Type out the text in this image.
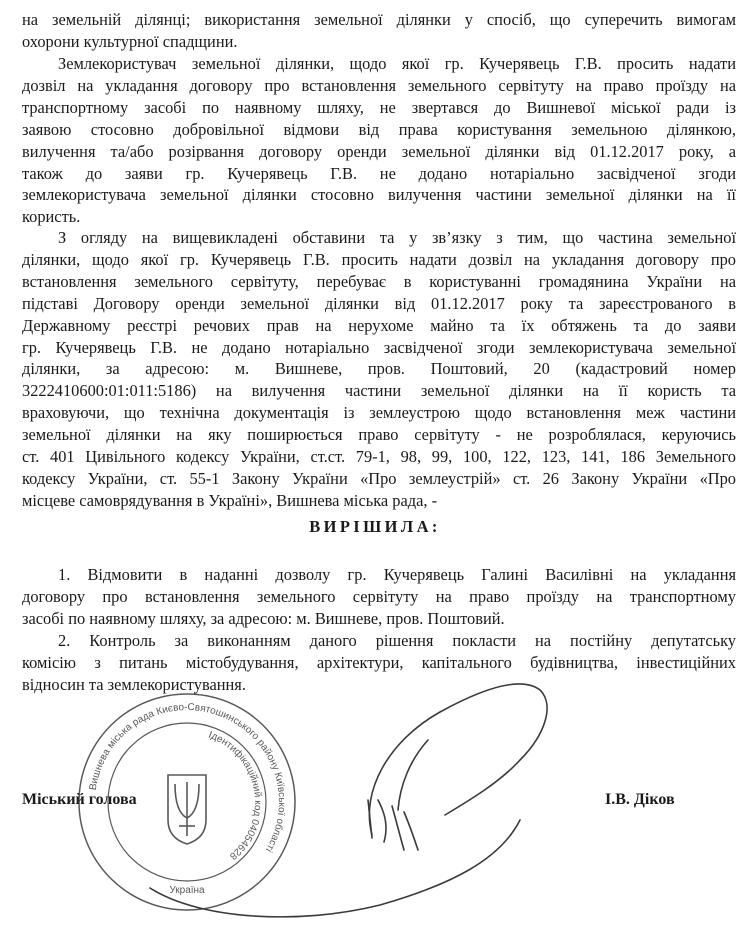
на земельній ділянці; використання земельної ділянки у спосіб, що суперечить вимогам
охорони культурної спадщини.
Землекористувач земельної ділянки, щодо якої гр. Кучерявець Г.В. просить надати
дозвіл на укладання договору про встановлення земельного сервітуту на право проїзду на
транспортному засобі по наявному шляху, не звертався до Вишневої міської ради із
заявою стосовно добровільної відмови від права користування земельною ділянкою,
вилучення та/або розірвання договору оренди земельної ділянки від 01.12.2017 року, а
також до заяви гр. Кучерявець Г.В. не додано нотаріально засвідченої згоди
землекористувача земельної ділянки стосовно вилучення частини земельної ділянки на її
користь.
З огляду на вищевикладені обставини та у зв’язку з тим, що частина земельної
ділянки, щодо якої гр. Кучерявець Г.В. просить надати дозвіл на укладання договору про
встановлення земельного сервітуту, перебуває в користуванні громадянина України на
підставі Договору оренди земельної ділянки від 01.12.2017 року та зареєстрованого в
Державному реєстрі речових прав на нерухоме майно та їх обтяжень та до заяви
гр. Кучерявець Г.В. не додано нотаріально засвідченої згоди землекористувача земельної
ділянки, за адресою: м. Вишневе, пров. Поштовий, 20 (кадастровий номер
3222410600:01:011:5186) на вилучення частини земельної ділянки на її користь та
враховуючи, що технічна документація із землеустрою щодо встановлення меж частини
земельної ділянки на яку поширюється право сервітуту - не розроблялася, керуючись
ст. 401 Цивільного кодексу України, ст.ст. 79-1, 98, 99, 100, 122, 123, 141, 186 Земельного
кодексу України, ст. 55-1 Закону України «Про землеустрій» ст. 26 Закону України «Про
місцеве самоврядування в Україні», Вишнева міська рада, -
ВИРІШИЛА:
1. Відмовити в наданні дозволу гр. Кучерявець Галині Василівні на укладання
договору про встановлення земельного сервітуту на право проїзду на транспортному
засобі по наявному шляху, за адресою: м. Вишневе, пров. Поштовий.
2. Контроль за виконанням даного рішення покласти на постійну депутатську
комісію з питань містобудування, архітектури, капітального будівництва, інвестиційних
відносин та землекористування.
Міський голова	І.В. Діков
Вишнева міська рада Києво-Святошинського району Київської області
Ідентифікаційний код 04054628
Україна
